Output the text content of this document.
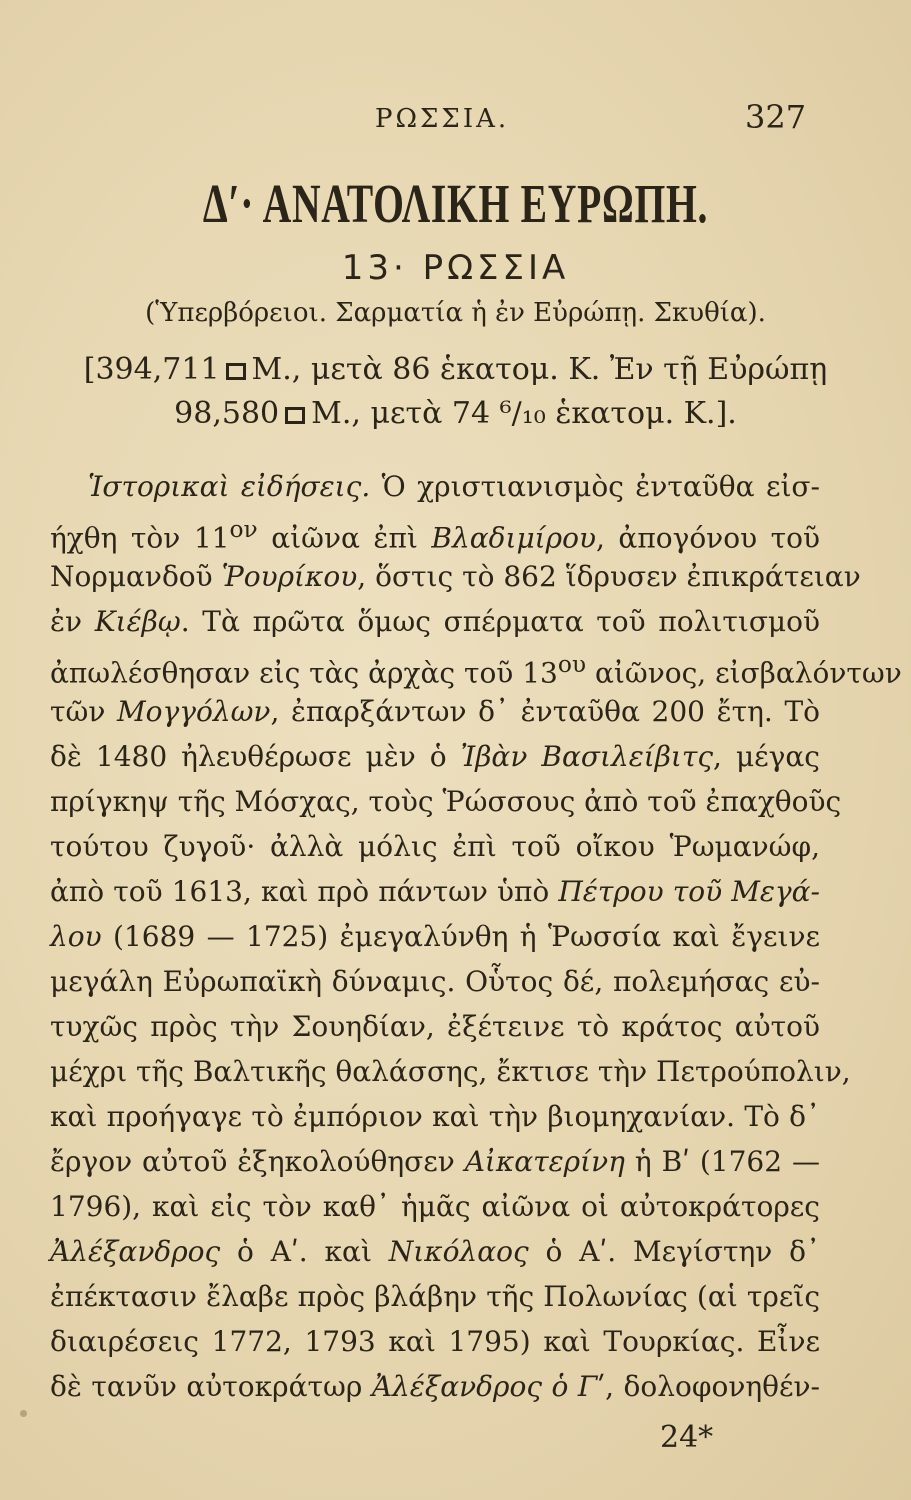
ΡΩΣΣΙΑ.	327
Δʹ· ΑΝΑΤΟΛΙΚΗ ΕΥΡΩΠΗ.
13· ΡΩΣΣΙΑ
(Ὑπερβόρειοι. Σαρματία ἡ ἐν Εὐρώπῃ. Σκυθία).
[394,711 Μ., μετὰ 86 ἑκατομ. Κ. Ἐν τῇ Εὐρώπῃ
98,580 Μ., μετὰ 74 ⁶/₁₀ ἑκατομ. Κ.].
Ἱστορικαὶ εἰδήσεις. Ὁ χριστιανισμὸς ἐνταῦθα εἰσ-
ήχθη τὸν $11^{o\nu}$ αἰῶνα ἐπὶ Βλαδιμίρου, ἀπογόνου τοῦ
Νορμανδοῦ Ῥουρίκου, ὅστις τὸ 862 ἵδρυσεν ἐπικράτειαν
ἐν Κιέβῳ. Τὰ πρῶτα ὅμως σπέρματα τοῦ πολιτισμοῦ
ἀπωλέσθησαν εἰς τὰς ἀρχὰς τοῦ $13^{o\upsilon}$ αἰῶνος, εἰσβαλόντων
τῶν Μογγόλων, ἐπαρξάντων δ᾽ ἐνταῦθα 200 ἔτη. Τὸ
δὲ 1480 ἠλευθέρωσε μὲν ὁ Ἰβὰν Βασιλείβιτς, μέγας
πρίγκηψ τῆς Μόσχας, τοὺς Ῥώσσους ἀπὸ τοῦ ἐπαχθοῦς
τούτου ζυγοῦ· ἀλλὰ μόλις ἐπὶ τοῦ οἴκου Ῥωμανώφ,
ἀπὸ τοῦ 1613, καὶ πρὸ πάντων ὑπὸ Πέτρου τοῦ Μεγά-
λου (1689 — 1725) ἐμεγαλύνθη ἡ Ῥωσσία καὶ ἔγεινε
μεγάλη Εὐρωπαϊκὴ δύναμις. Οὗτος δέ, πολεμήσας εὐ-
τυχῶς πρὸς τὴν Σουηδίαν, ἐξέτεινε τὸ κράτος αὐτοῦ
μέχρι τῆς Βαλτικῆς θαλάσσης, ἔκτισε τὴν Πετρούπολιν,
καὶ προήγαγε τὸ ἐμπόριον καὶ τὴν βιομηχανίαν. Τὸ δ᾽
ἔργον αὐτοῦ ἐξηκολούθησεν Αἰκατερίνη ἡ Βʹ (1762 —
1796), καὶ εἰς τὸν καθ᾽ ἡμᾶς αἰῶνα οἱ αὐτοκράτορες
Ἀλέξανδρος ὁ Αʹ. καὶ Νικόλαος ὁ Αʹ. Μεγίστην δ᾽
ἐπέκτασιν ἔλαβε πρὸς βλάβην τῆς Πολωνίας (αἱ τρεῖς
διαιρέσεις 1772, 1793 καὶ 1795) καὶ Τουρκίας. Εἶνε
δὲ τανῦν αὐτοκράτωρ Ἀλέξανδρος ὁ Γʹ, δολοφονηθέν-
24*
